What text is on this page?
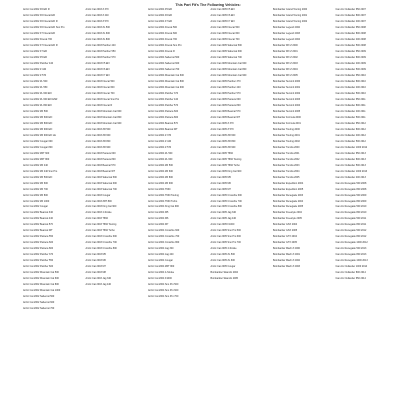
This Part Fit's The Following Vehicles:
Arctic Cat 2002 F6 EFI R
Arctic Cat 2002 F6 Firecat EFI
Arctic Cat 2002 F6 Firecat EFI R
Arctic Cat 2002 F6 Firecat EFI Sno Pro
Arctic Cat 2002 F7 Firecat EFI
Arctic Cat 2002 Firecat 700
Arctic Cat 2002 F7 Firecat EFI R
Arctic Cat 2002 F7 EFI
Arctic Cat 2002 F5 EFI
Arctic Cat 2002 Panther 440
Arctic Cat 2002 Z 440
Arctic Cat 2002 Z 570
Arctic Cat 2002 ZL 500
Arctic Cat 2002 ZL 550
Arctic Cat 2002 ZL 600 EFI
Arctic Cat 2002 ZL 600 EFI ESR
Arctic Cat 2002 ZL 800 EFI
Arctic Cat 2002 ZR 500
Arctic Cat 2002 ZR 600 EFI
Arctic Cat 2002 ZR 800 EFI
Arctic Cat 2002 ZR 900 EFI
Arctic Cat 2002 ZR 900 EFI LE
Arctic Cat 2002 Cougar 600
Arctic Cat 2002 Cougar 800
Arctic Cat 2002 ZRT 600
Arctic Cat 2002 ZRT 800
Arctic Cat 2002 ZR 440
Arctic Cat 2002 ZR 440 Sno Pro
Arctic Cat 2002 ZR 500 EFI
Arctic Cat 2002 ZR 600
Arctic Cat 2002 ZR 700
Arctic Cat 2002 ZR 800
Arctic Cat 2002 ZR 1000
Arctic Cat 2002 Cougar
Arctic Cat 2002 Bearcat 340
Arctic Cat 2002 Bearcat 440
Arctic Cat 2002 Bearcat 570
Arctic Cat 2002 Bearcat WT
Arctic Cat 2002 Pantera 550
Arctic Cat 2002 Pantera 600
Arctic Cat 2002 Pantera 800
Arctic Cat 2002 Panther 370
Arctic Cat 2002 Panther 550
Arctic Cat 2002 Panther 600
Arctic Cat 2002 Mountain Cat 500
Arctic Cat 2002 Mountain Cat 600
Arctic Cat 2002 Mountain Cat 800
Arctic Cat 2002 Mountain Cat 1000
Arctic Cat 2002 Sabercat 500
Arctic Cat 2002 Sabercat 600
Arctic Cat 2002 Sabercat 700
Arctic Cat 2003 Z 370
Arctic Cat 2003 Z 440
Arctic Cat 2003 Z 570
Arctic Cat 2003 ZL 500
Arctic Cat 2003 ZL 600
Arctic Cat 2003 ZL 800
Arctic Cat 2003 Panther 440
Arctic Cat 2003 Panther 550
Arctic Cat 2003 Panther 570
Arctic Cat 2003 F5 EFI
Arctic Cat 2003 F6 EFI
Arctic Cat 2003 F7 EFI
Arctic Cat 2003 Firecat 500
Arctic Cat 2003 Firecat 600
Arctic Cat 2003 Firecat 700
Arctic Cat 2003 Firecat Sno Pro
Arctic Cat 2003 Firecat R
Arctic Cat 2003 Mountain Cat 600
Arctic Cat 2003 Mountain Cat 800
Arctic Cat 2003 Mountain Cat 900
Arctic Cat 2003 ZR 500
Arctic Cat 2003 ZR 600
Arctic Cat 2003 ZR 800
Arctic Cat 2003 ZR 900
Arctic Cat 2003 Pantera 600
Arctic Cat 2003 Pantera 800
Arctic Cat 2003 Bearcat 570
Arctic Cat 2003 Bearcat WT
Arctic Cat 2003 Sabercat 500
Arctic Cat 2003 Sabercat 600
Arctic Cat 2003 Sabercat 700
Arctic Cat 2003 Cougar
Arctic Cat 2003 ZRT 800
Arctic Cat 2003 King Cat 900
Arctic Cat 2003 4-Stroke
Arctic Cat 2003 T660
Arctic Cat 2003 T660 Touring
Arctic Cat 2003 T660 Turbo
Arctic Cat 2003 Crossfire 600
Arctic Cat 2003 Crossfire 700
Arctic Cat 2003 Crossfire 800
Arctic Cat 2003 M5
Arctic Cat 2003 M6
Arctic Cat 2003 M7
Arctic Cat 2003 M8
Arctic Cat 2003 Jag 340
Arctic Cat 2003 Jag 440
Arctic Cat 2004 F5 EFI
Arctic Cat 2004 F6 EFI
Arctic Cat 2004 F7 EFI
Arctic Cat 2004 Firecat 500
Arctic Cat 2004 Firecat 600
Arctic Cat 2004 Firecat 700
Arctic Cat 2004 Firecat Sno Pro
Arctic Cat 2004 Firecat R
Arctic Cat 2004 Sabercat 500
Arctic Cat 2004 Sabercat 600
Arctic Cat 2004 Sabercat 700
Arctic Cat 2004 Mountain Cat 600
Arctic Cat 2004 Mountain Cat 800
Arctic Cat 2004 Mountain Cat 900
Arctic Cat 2004 Panther 370
Arctic Cat 2004 Panther 440
Arctic Cat 2004 Panther 570
Arctic Cat 2004 Pantera 600
Arctic Cat 2004 Pantera 800
Arctic Cat 2004 Bearcat 570
Arctic Cat 2004 Bearcat WT
Arctic Cat 2004 Z 370
Arctic Cat 2004 Z 440
Arctic Cat 2004 Z 570
Arctic Cat 2004 ZL 500
Arctic Cat 2004 ZL 600
Arctic Cat 2004 ZR 500
Arctic Cat 2004 ZR 600
Arctic Cat 2004 ZR 800
Arctic Cat 2004 ZR 900
Arctic Cat 2004 T660
Arctic Cat 2004 T660 Touring
Arctic Cat 2004 T660 Turbo
Arctic Cat 2004 King Cat 900
Arctic Cat 2004 M5
Arctic Cat 2004 M6
Arctic Cat 2004 M7
Arctic Cat 2004 Crossfire 600
Arctic Cat 2004 Crossfire 700
Arctic Cat 2004 Crossfire 800
Arctic Cat 2004 Jag 340
Arctic Cat 2004 Jag 440
Arctic Cat 2004 Cougar
Arctic Cat 2004 ZRT 800
Arctic Cat 2004 4-Stroke
Arctic Cat 2004 F1000
Arctic Cat 2004 Sno Pro 500
Arctic Cat 2004 Sno Pro 600
Arctic Cat 2004 Sno Pro 700
Arctic Cat 2005 F5 EFI
Arctic Cat 2005 F6 EFI
Arctic Cat 2005 F7 EFI
Arctic Cat 2005 Firecat 500
Arctic Cat 2005 Firecat 600
Arctic Cat 2005 Firecat 700
Arctic Cat 2005 Sabercat 500
Arctic Cat 2005 Sabercat 600
Arctic Cat 2005 Sabercat 700
Arctic Cat 2005 Mountain Cat 600
Arctic Cat 2005 Mountain Cat 800
Arctic Cat 2005 Mountain Cat 900
Arctic Cat 2005 Panther 370
Arctic Cat 2005 Panther 440
Arctic Cat 2005 Panther 570
Arctic Cat 2005 Pantera 600
Arctic Cat 2005 Pantera 800
Arctic Cat 2005 Bearcat 570
Arctic Cat 2005 Bearcat WT
Arctic Cat 2005 Z 370
Arctic Cat 2005 Z 570
Arctic Cat 2005 ZR 600
Arctic Cat 2005 ZR 800
Arctic Cat 2005 ZR 900
Arctic Cat 2005 T660
Arctic Cat 2005 T660 Touring
Arctic Cat 2005 T660 Turbo
Arctic Cat 2005 King Cat 900
Arctic Cat 2005 M5
Arctic Cat 2005 M6
Arctic Cat 2005 M7
Arctic Cat 2005 Crossfire 600
Arctic Cat 2005 Crossfire 700
Arctic Cat 2005 Crossfire 800
Arctic Cat 2005 Jag 340
Arctic Cat 2005 Jag 440
Arctic Cat 2005 F1000
Arctic Cat 2005 Sno Pro 500
Arctic Cat 2005 Sno Pro 600
Arctic Cat 2005 Sno Pro 700
Arctic Cat 2005 4-Stroke
Arctic Cat 2005 ZL 500
Arctic Cat 2005 ZL 600
Arctic Cat 2005 Cougar
Bombardier Skandic 2004
Bombardier Skandic 2005
Bombardier Grand Touring 2000
Bombardier Grand Touring 2001
Bombardier Grand Touring 2002
Bombardier Legend 2002
Bombardier Legend 2003
Bombardier Legend 2004
Bombardier MX Z 2000
Bombardier MX Z 2001
Bombardier MX Z 2002
Bombardier MX Z 2003
Bombardier MX Z 2004
Bombardier MX Z 2005
Bombardier Summit 2000
Bombardier Summit 2001
Bombardier Summit 2002
Bombardier Summit 2003
Bombardier Summit 2004
Bombardier Summit 2005
Bombardier Formula 2000
Bombardier Formula 2001
Bombardier Touring 2000
Bombardier Touring 2001
Bombardier Touring 2002
Bombardier Tundra 2000
Bombardier Tundra 2001
Bombardier Tundra 2002
Bombardier Tundra 2003
Bombardier Tundra 2004
Bombardier Tundra 2005
Bombardier Expedition 2004
Bombardier Expedition 2005
Bombardier Renegade 2003
Bombardier Renegade 2004
Bombardier Renegade 2005
Bombardier Freestyle 2004
Bombardier Freestyle 2005
Bombardier GSX 2004
Bombardier GSX 2005
Bombardier GTX 2004
Bombardier GTX 2005
Bombardier Mach Z 2000
Bombardier Mach Z 2001
Bombardier Mach Z 2002
Bombardier Mach Z 2003
Can Am Outlander 650 2007
Can Am Outlander 800 2007
Can Am Outlander 400 2007
Can Am Outlander 650 2008
Can Am Outlander 800 2008
Can Am Outlander 400 2008
Can Am Outlander 500 2008
Can Am Outlander 650 2009
Can Am Outlander 800 2009
Can Am Outlander 400 2009
Can Am Outlander 500 2009
Can Am Outlander 650 2010
Can Am Outlander 800 2010
Can Am Outlander 400 2010
Can Am Outlander 500 2010
Can Am Outlander 650 2011
Can Am Outlander 800 2011
Can Am Outlander 400 2011
Can Am Outlander 500 2011
Can Am Outlander 650 2012
Can Am Outlander 800 2012
Can Am Outlander 400 2012
Can Am Outlander 500 2012
Can Am Outlander 1000 2012
Can Am Outlander 650 2013
Can Am Outlander 800 2013
Can Am Outlander 500 2013
Can Am Outlander 1000 2013
Can Am Outlander 400 2013
Can Am Renegade 500 2008
Can Am Renegade 800 2008
Can Am Renegade 500 2009
Can Am Renegade 800 2009
Can Am Renegade 500 2010
Can Am Renegade 800 2010
Can Am Renegade 500 2011
Can Am Renegade 800 2011
Can Am Renegade 500 2012
Can Am Renegade 800 2012
Can Am Renegade 1000 2012
Can Am Renegade 500 2013
Can Am Renegade 800 2013
Can Am Renegade 1000 2013
Can Am Outlander 1000 2014
Can Am Outlander 800 2014
Can Am Outlander 650 2014
